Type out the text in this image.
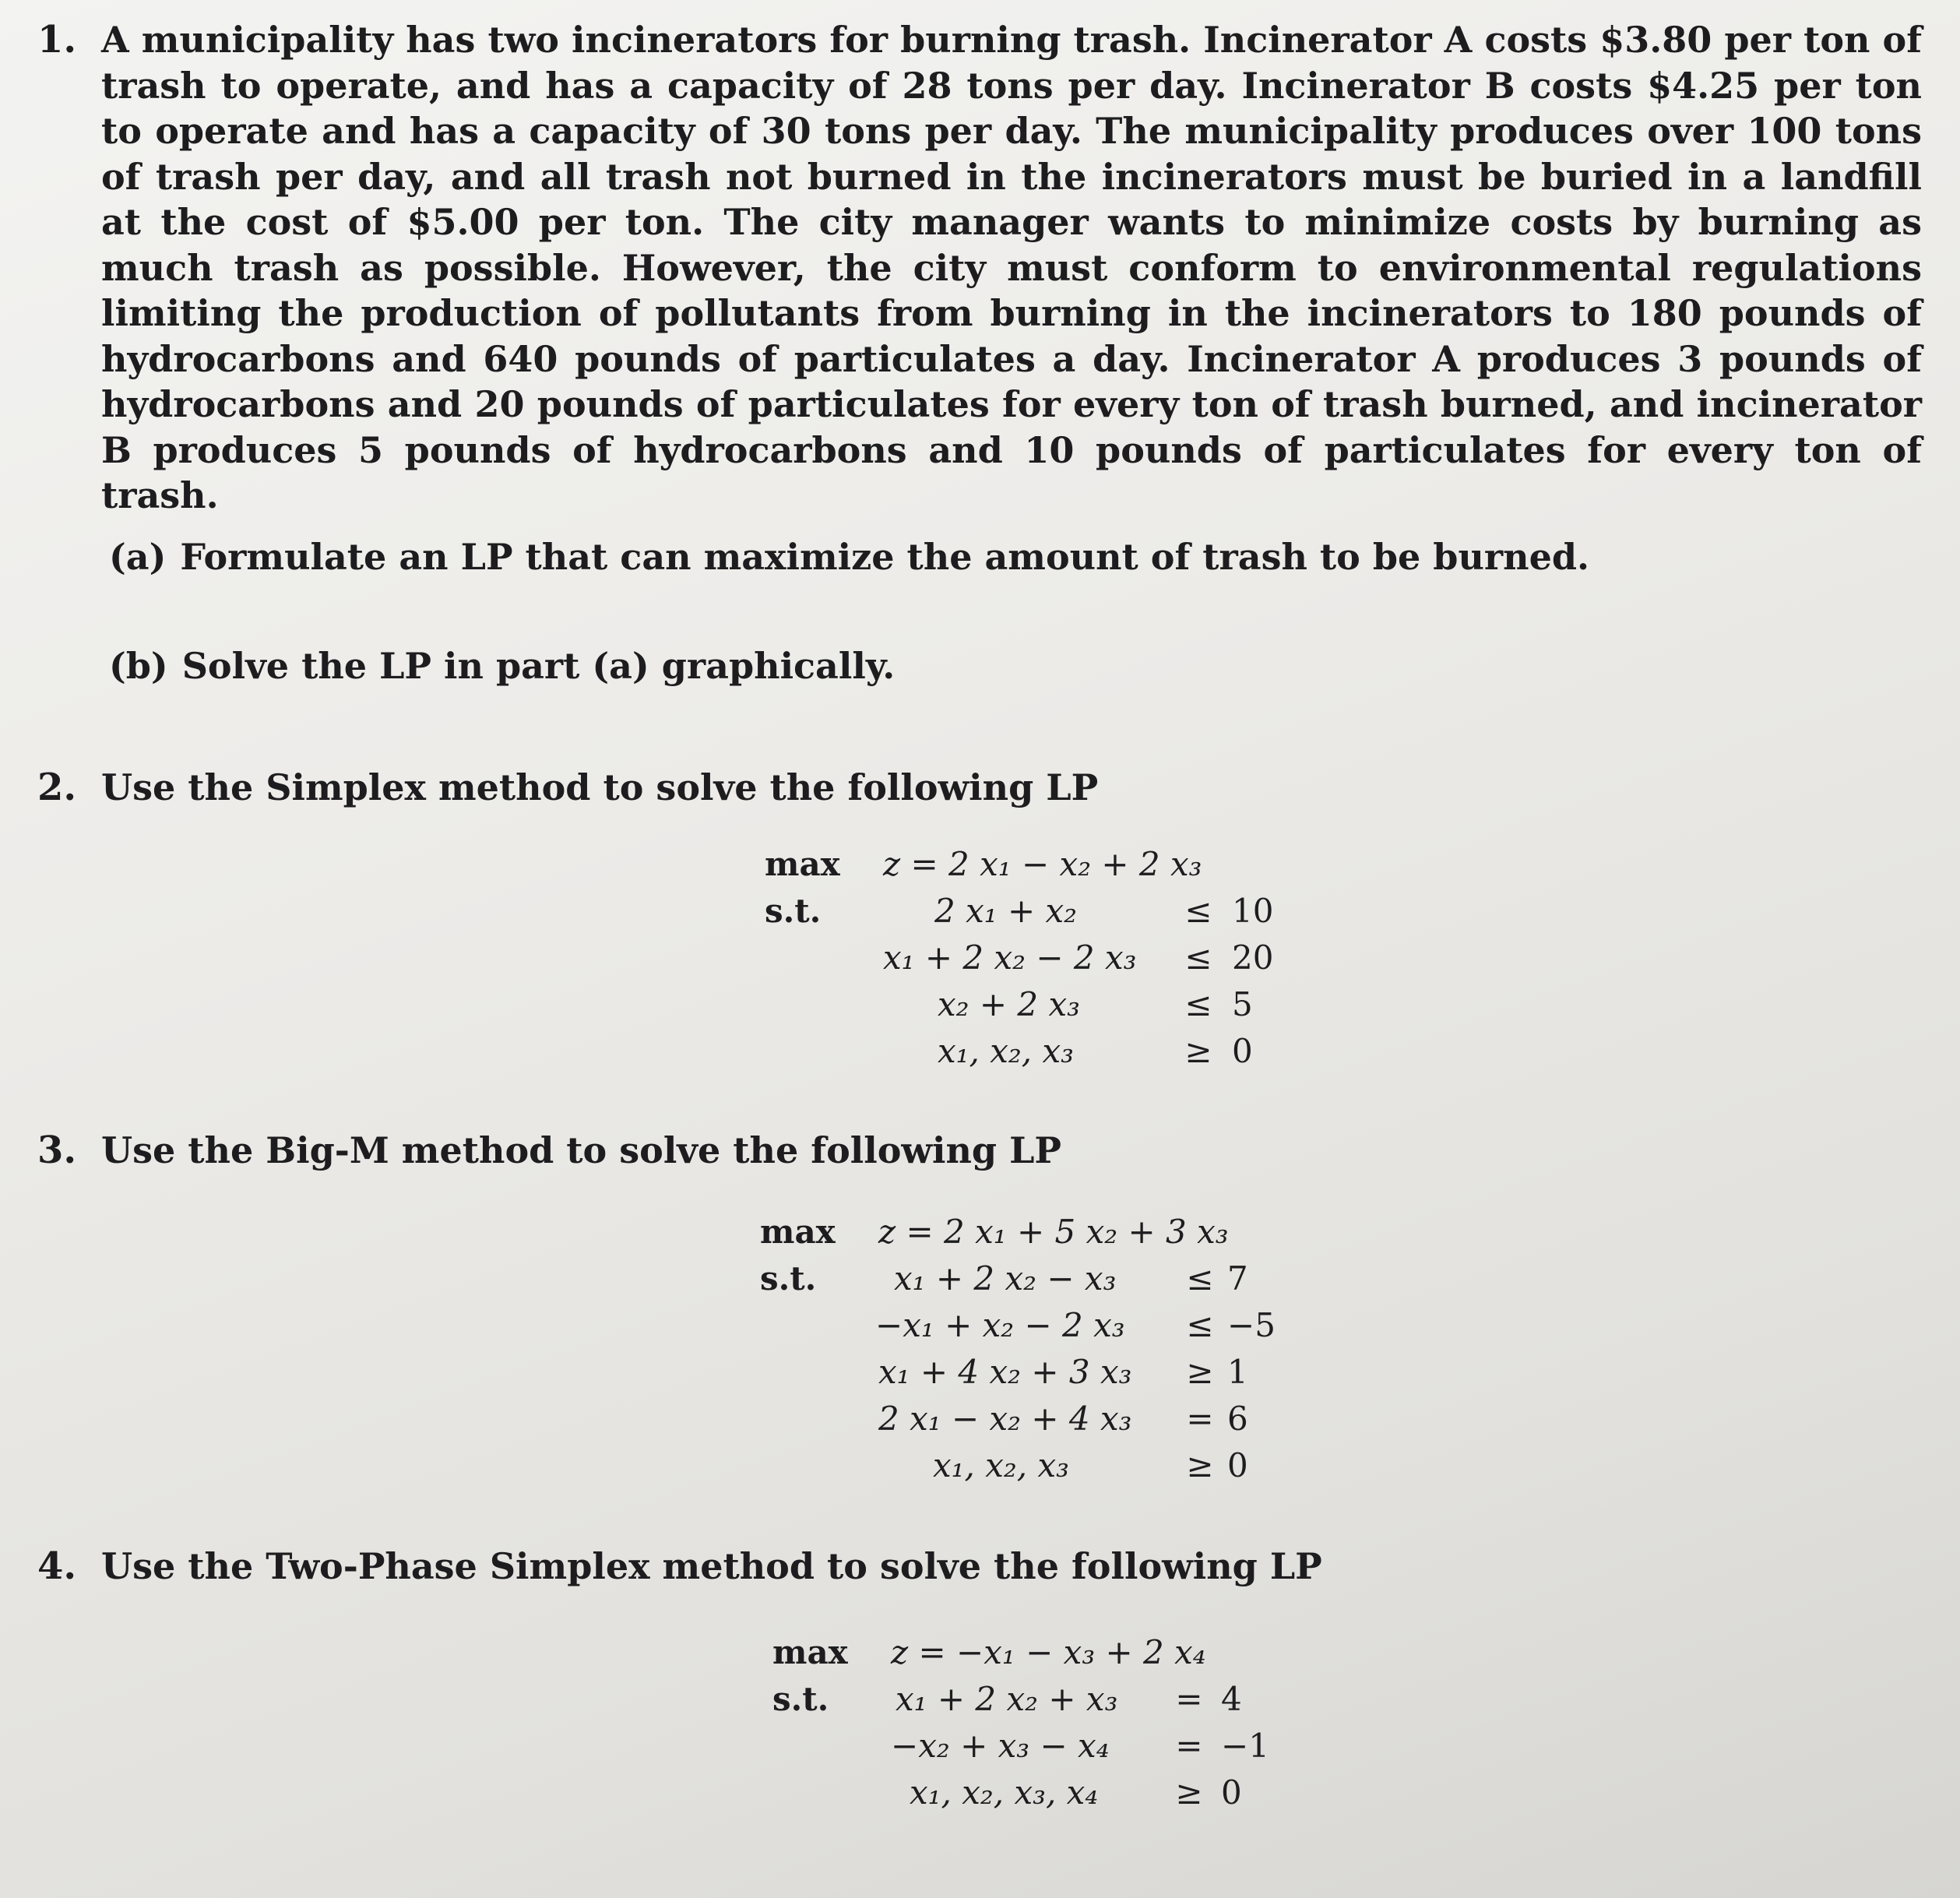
1. A municipality has two incinerators for burning trash. Incinerator A costs $3.80 per ton of trash to operate, and has a capacity of 28 tons per day. Incinerator B costs $4.25 per ton to operate and has a capacity of 30 tons per day. The municipality produces over 100 tons of trash per day, and all trash not burned in the incinerators must be buried in a landfill at the cost of $5.00 per ton. The city manager wants to minimize costs by burning as much trash as possible. However, the city must conform to environmental regulations limiting the production of pollutants from burning in the incinerators to 180 pounds of hydrocarbons and 640 pounds of particulates a day. Incinerator A produces 3 pounds of hydrocarbons and 20 pounds of particulates for every ton of trash burned, and incinerator B produces 5 pounds of hydrocarbons and 10 pounds of particulates for every ton of trash.
(a) Formulate an LP that can maximize the amount of trash to be burned.
(b) Solve the LP in part (a) graphically.
2. Use the Simplex method to solve the following LP
max z = 2 x₁ − x₂ + 2 x₃
s.t.	2 x₁ + x₂	≤ 10
x₁ + 2 x₂ − 2 x₃ ≤ 20
x₂ + 2 x₃	≤ 5
x₁, x₂, x₃	≥ 0
3. Use the Big-M method to solve the following LP
max z = 2 x₁ + 5 x₂ + 3 x₃
s.t. x₁ + 2 x₂ − x₃ ≤ 7
−x₁ + x₂ − 2 x₃ ≤ −5
x₁ + 4 x₂ + 3 x₃ ≥ 1
2 x₁ − x₂ + 4 x₃ = 6
x₁, x₂, x₃	≥ 0
4. Use the Two-Phase Simplex method to solve the following LP
max z = −x₁ − x₃ + 2 x₄
s.t. x₁ + 2 x₂ + x₃ = 4
−x₂ + x₃ − x₄ = −1
x₁, x₂, x₃, x₄ ≥ 0
